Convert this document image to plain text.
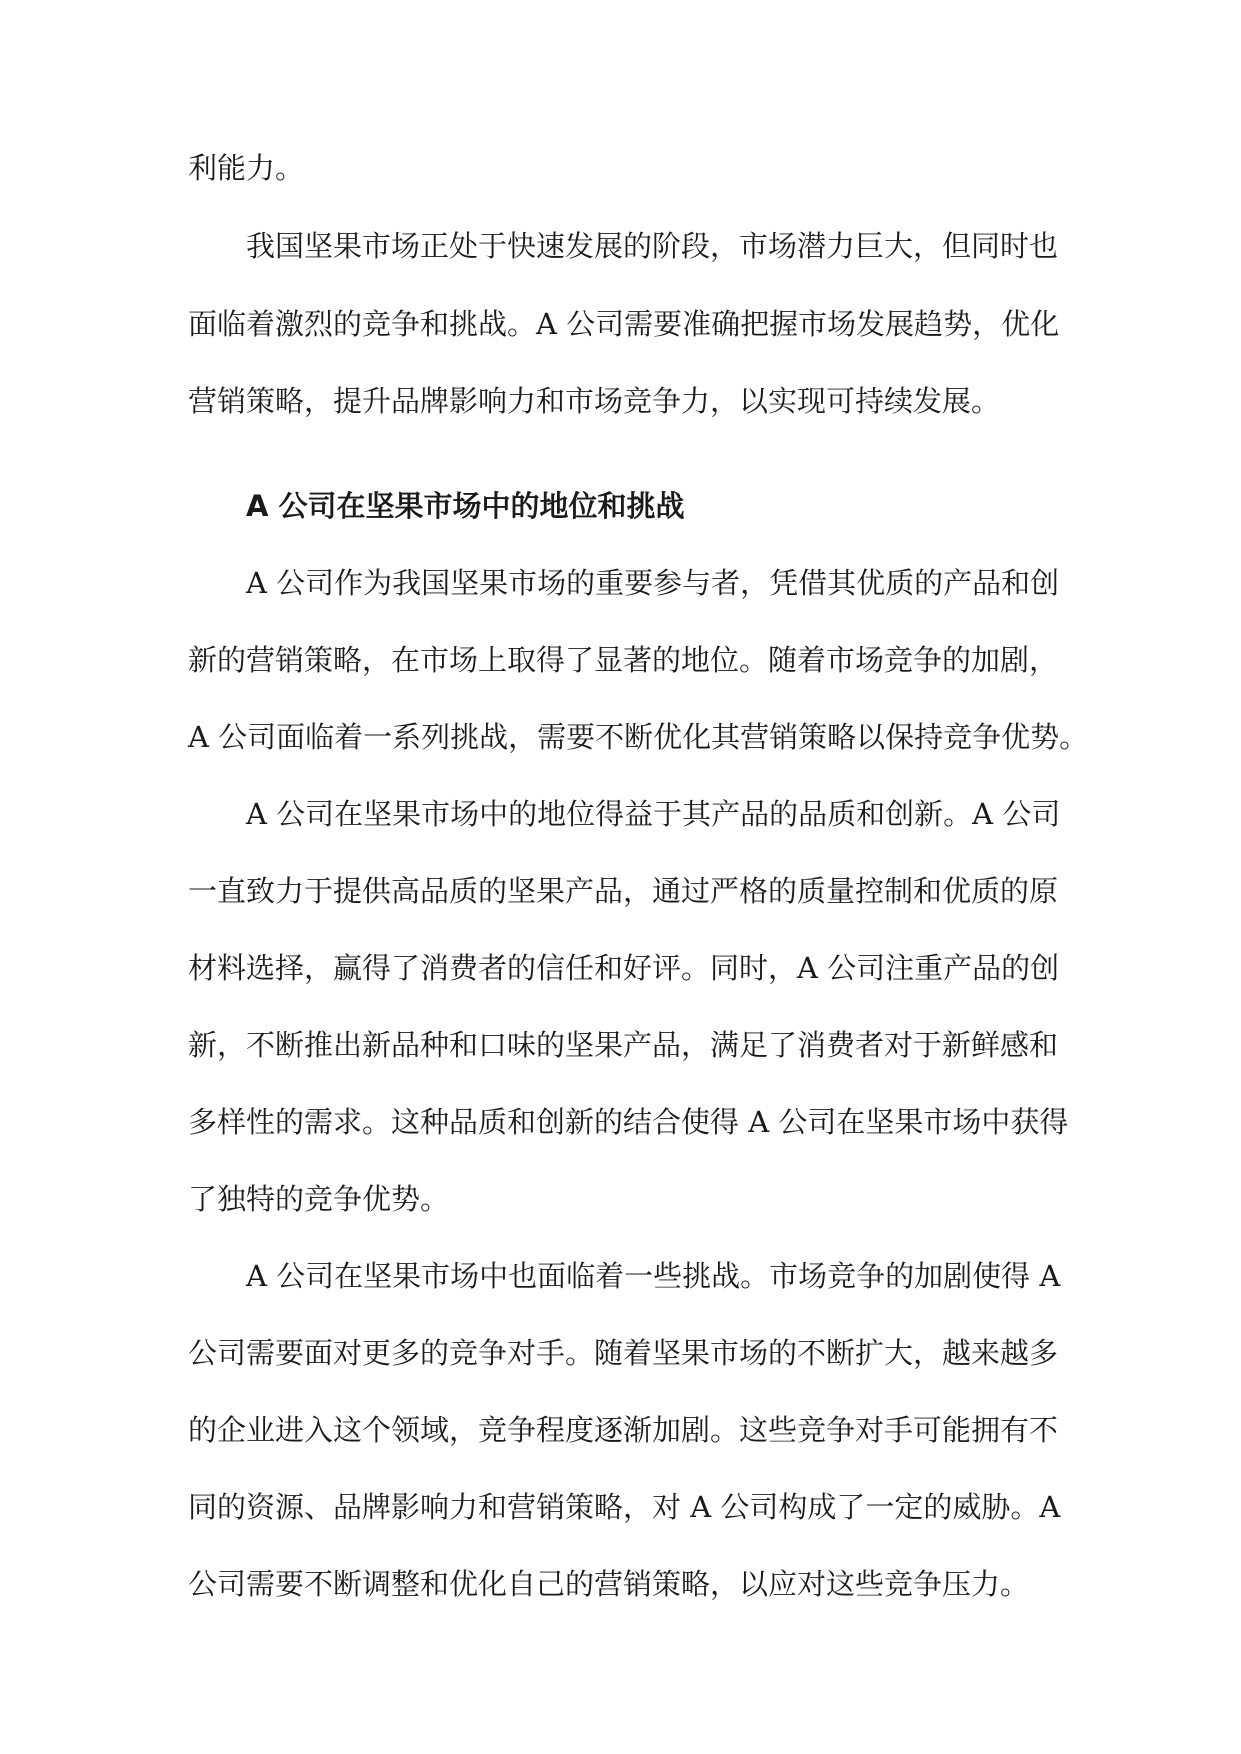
利能力。

我国坚果市场正处于快速发展的阶段，市场潜力巨大，但同时也

面临着激烈的竞争和挑战。A 公司需要准确把握市场发展趋势，优化

营销策略，提升品牌影响力和市场竞争力，以实现可持续发展。

A 公司在坚果市场中的地位和挑战

A 公司作为我国坚果市场的重要参与者，凭借其优质的产品和创

新的营销策略，在市场上取得了显著的地位。随着市场竞争的加剧，

A 公司面临着一系列挑战，需要不断优化其营销策略以保持竞争优势。

A 公司在坚果市场中的地位得益于其产品的品质和创新。A 公司

一直致力于提供高品质的坚果产品，通过严格的质量控制和优质的原

材料选择，赢得了消费者的信任和好评。同时，A 公司注重产品的创

新，不断推出新品种和口味的坚果产品，满足了消费者对于新鲜感和

多样性的需求。这种品质和创新的结合使得 A 公司在坚果市场中获得

了独特的竞争优势。

A 公司在坚果市场中也面临着一些挑战。市场竞争的加剧使得 A

公司需要面对更多的竞争对手。随着坚果市场的不断扩大，越来越多

的企业进入这个领域，竞争程度逐渐加剧。这些竞争对手可能拥有不

同的资源、品牌影响力和营销策略，对 A 公司构成了一定的威胁。A

公司需要不断调整和优化自己的营销策略，以应对这些竞争压力。
